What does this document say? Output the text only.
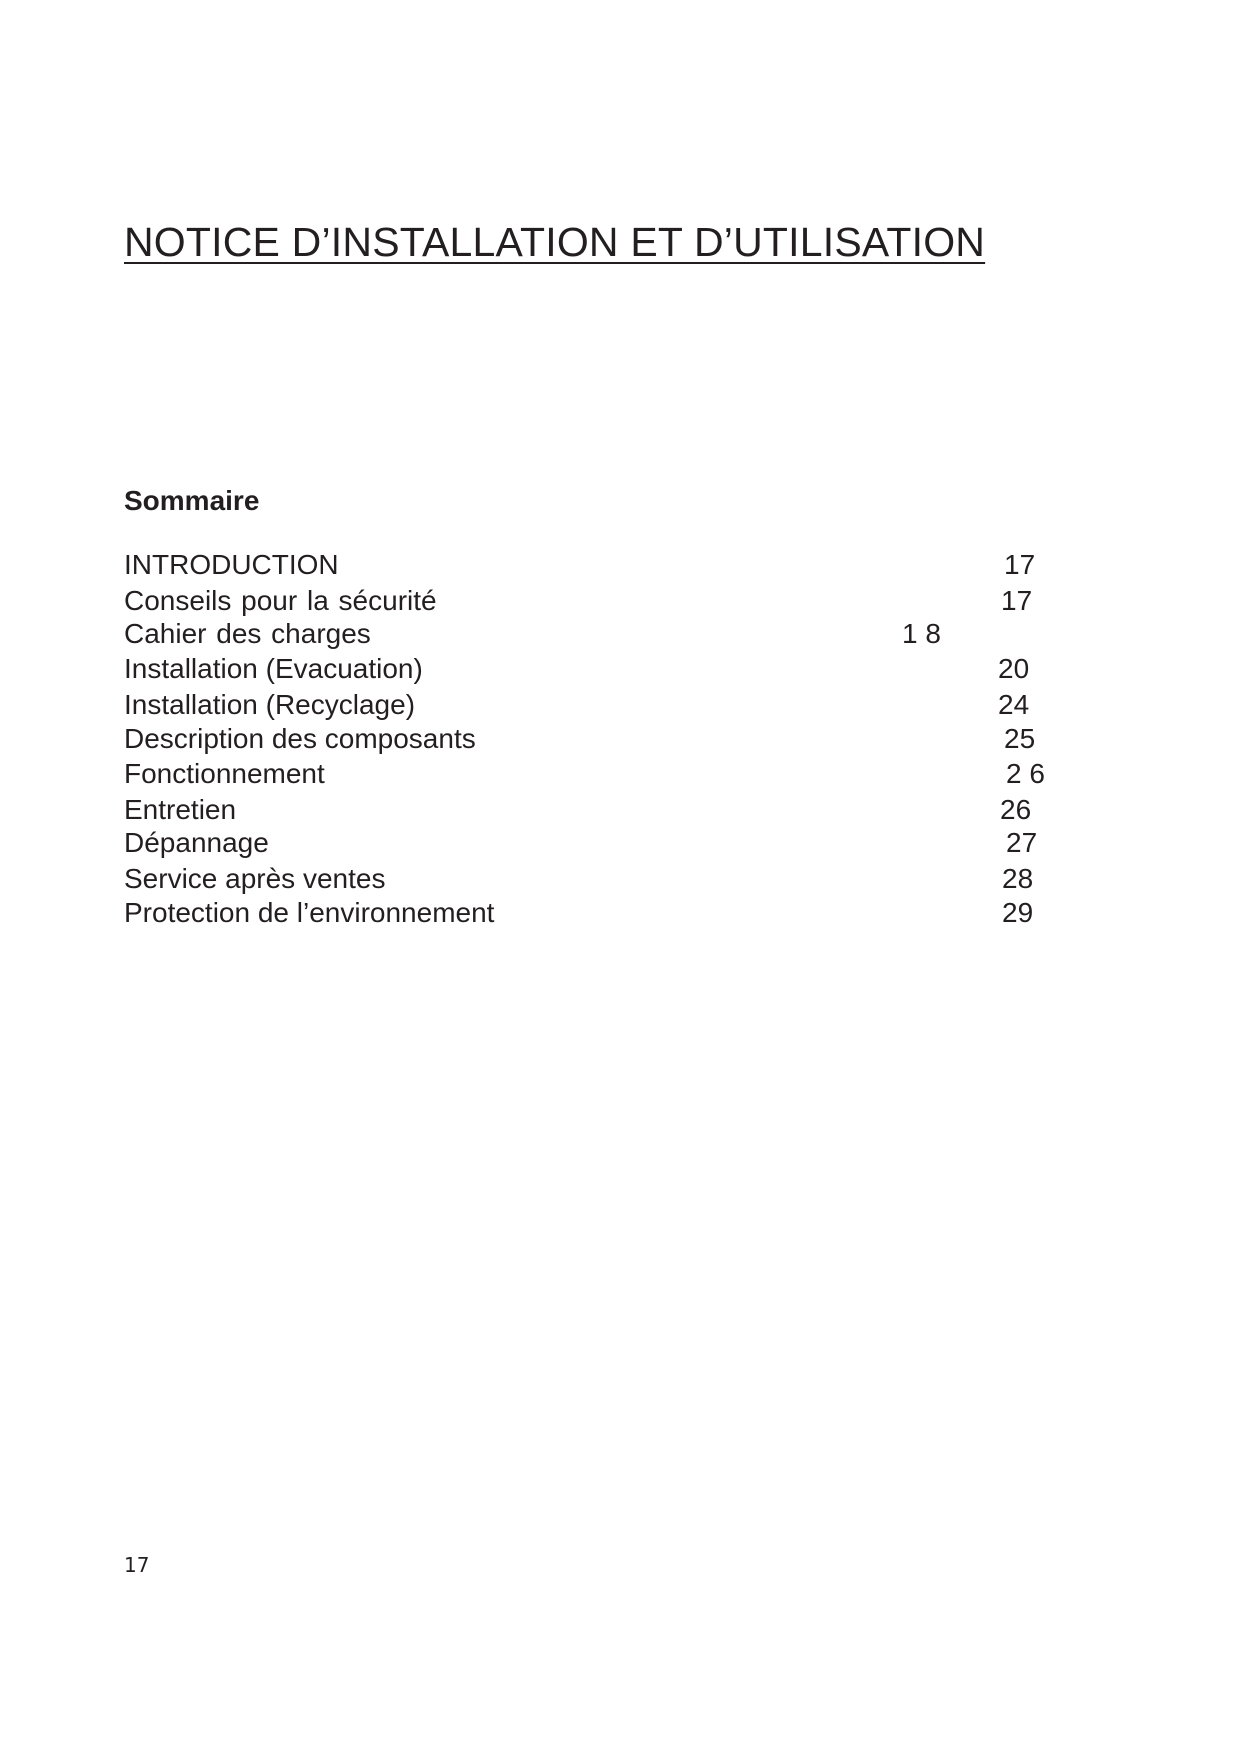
NOTICE D’INSTALLATION ET D’UTILISATION
Sommaire
INTRODUCTION	17
Conseils pour la sécurité	17
Cahier des charges	1 8
Installation (Evacuation)	20
Installation (Recyclage)	24
Description des composants	25
Fonctionnement	2 6
Entretien	26
Dépannage	27
Service après ventes	28
Protection de l’environnement	29
17
